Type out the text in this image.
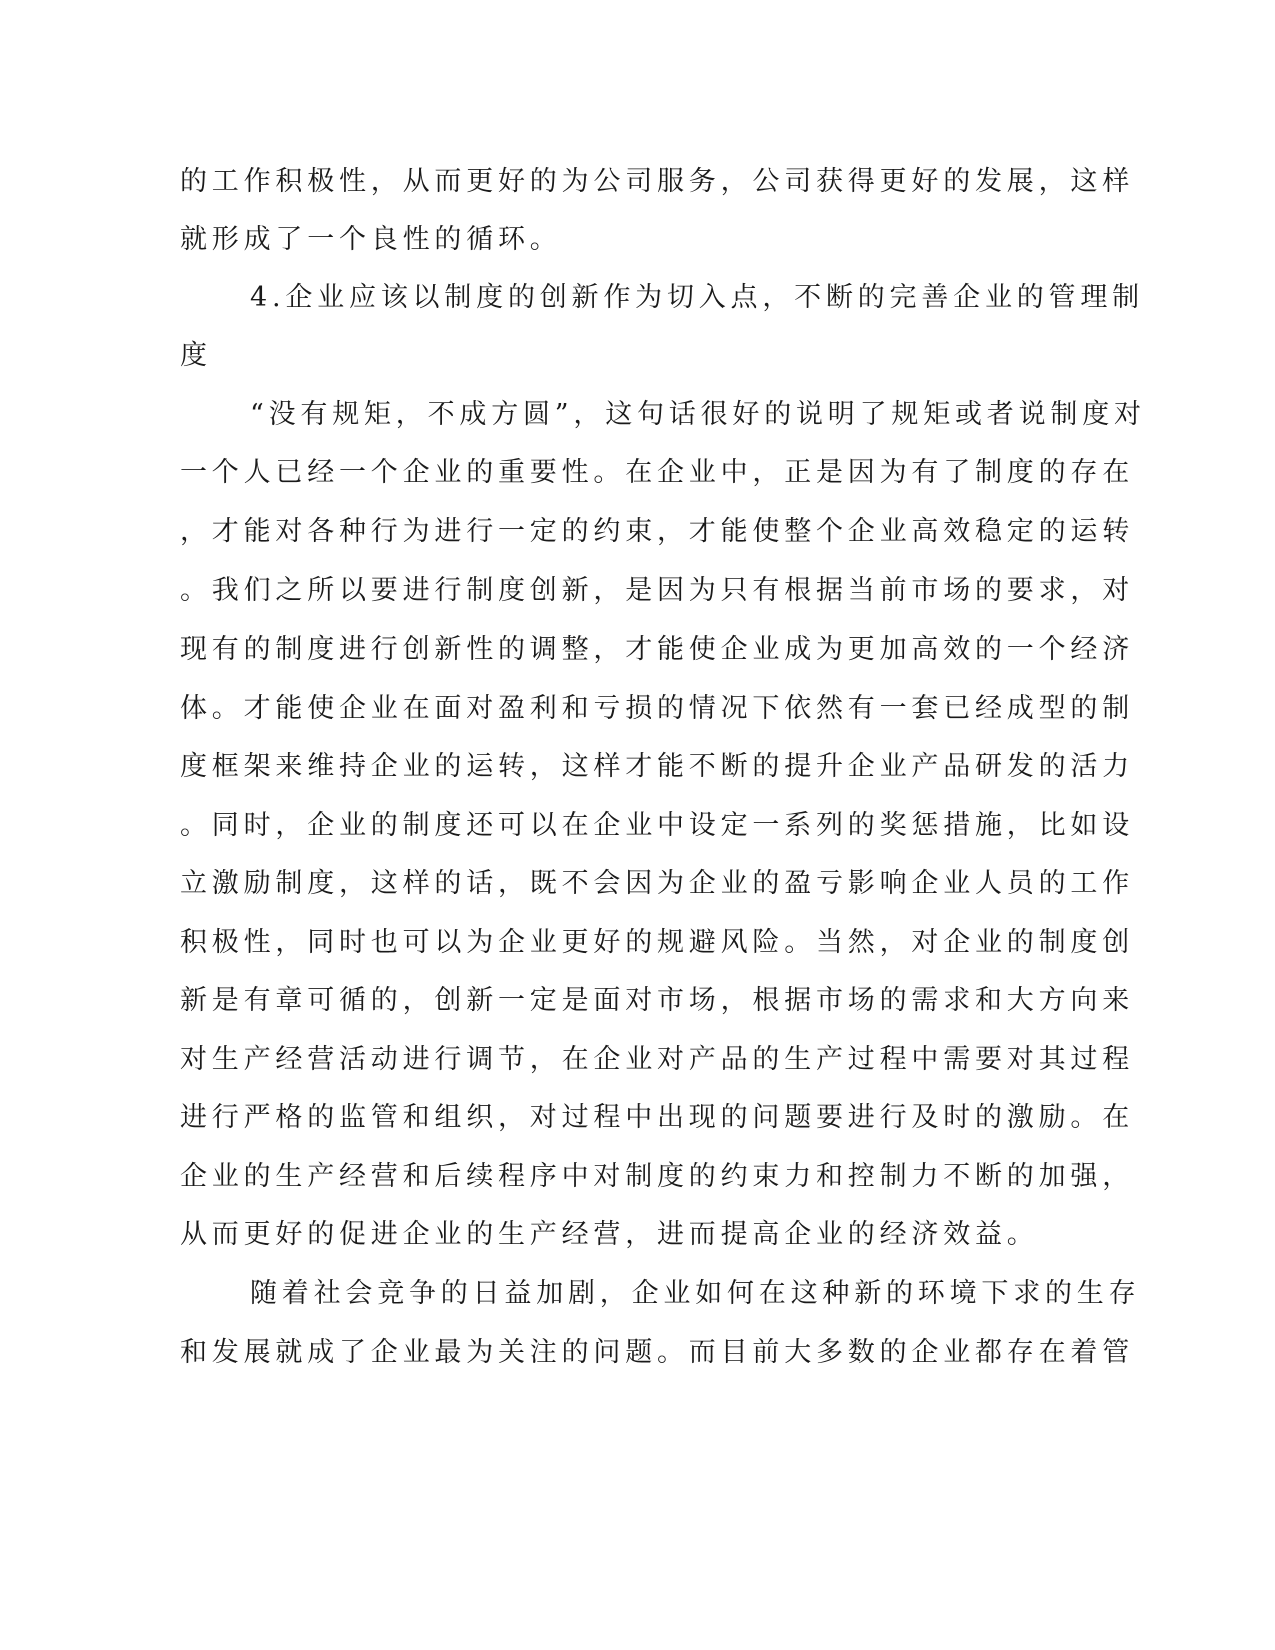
的工作积极性，从而更好的为公司服务，公司获得更好的发展，这样
就形成了一个良性的循环。
4.企业应该以制度的创新作为切入点，不断的完善企业的管理制
度
“没有规矩，不成方圆”，这句话很好的说明了规矩或者说制度对
一个人已经一个企业的重要性。在企业中，正是因为有了制度的存在
，才能对各种行为进行一定的约束，才能使整个企业高效稳定的运转
。我们之所以要进行制度创新，是因为只有根据当前市场的要求，对
现有的制度进行创新性的调整，才能使企业成为更加高效的一个经济
体。才能使企业在面对盈利和亏损的情况下依然有一套已经成型的制
度框架来维持企业的运转，这样才能不断的提升企业产品研发的活力
。同时，企业的制度还可以在企业中设定一系列的奖惩措施，比如设
立激励制度，这样的话，既不会因为企业的盈亏影响企业人员的工作
积极性，同时也可以为企业更好的规避风险。当然，对企业的制度创
新是有章可循的，创新一定是面对市场，根据市场的需求和大方向来
对生产经营活动进行调节，在企业对产品的生产过程中需要对其过程
进行严格的监管和组织，对过程中出现的问题要进行及时的激励。在
企业的生产经营和后续程序中对制度的约束力和控制力不断的加强，
从而更好的促进企业的生产经营，进而提高企业的经济效益。
随着社会竞争的日益加剧，企业如何在这种新的环境下求的生存
和发展就成了企业最为关注的问题。而目前大多数的企业都存在着管
